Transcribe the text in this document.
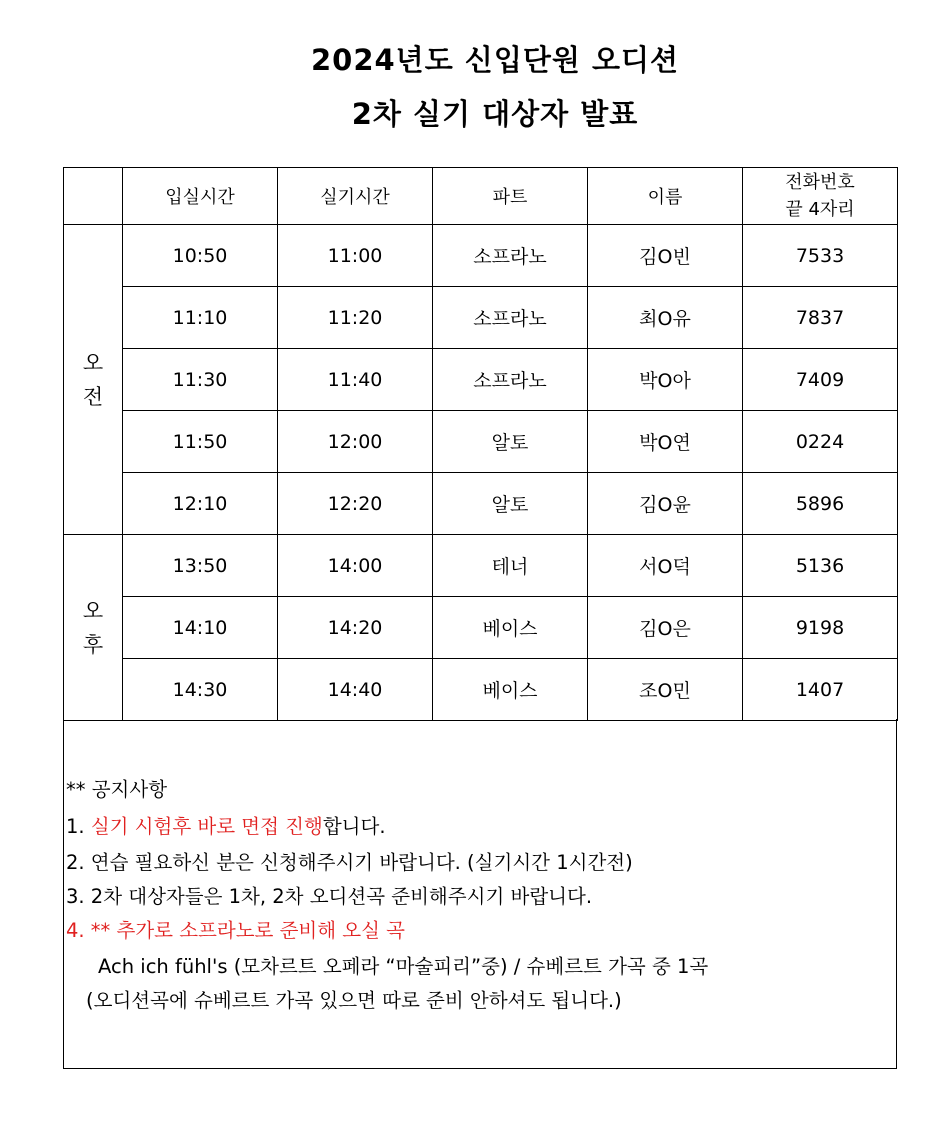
2024년도 신입단원 오디션
2차 실기 대상자 발표
	입실시간	실기시간	파트	이름	전화번호
끝 4자리

오
전	10:50	11:00	소프라노	김O빈	7533
	11:10	11:20	소프라노	최O유	7837
	11:30	11:40	소프라노	박O아	7409
	11:50	12:00	알토	박O연	0224
	12:10	12:20	알토	김O윤	5896

오
후	13:50	14:00	테너	서O덕	5136
	14:10	14:20	베이스	김O은	9198
	14:30	14:40	베이스	조O민	1407
** 공지사항
1. 실기 시험후 바로 면접 진행합니다.
2. 연습 필요하신 분은 신청해주시기 바랍니다. (실기시간 1시간전)
3. 2차 대상자들은 1차, 2차 오디션곡 준비해주시기 바랍니다.
4. ** 추가로 소프라노로 준비해 오실 곡
Ach ich fühl's (모차르트 오페라 “마술피리”중) / 슈베르트 가곡 중 1곡
(오디션곡에 슈베르트 가곡 있으면 따로 준비 안하셔도 됩니다.)
